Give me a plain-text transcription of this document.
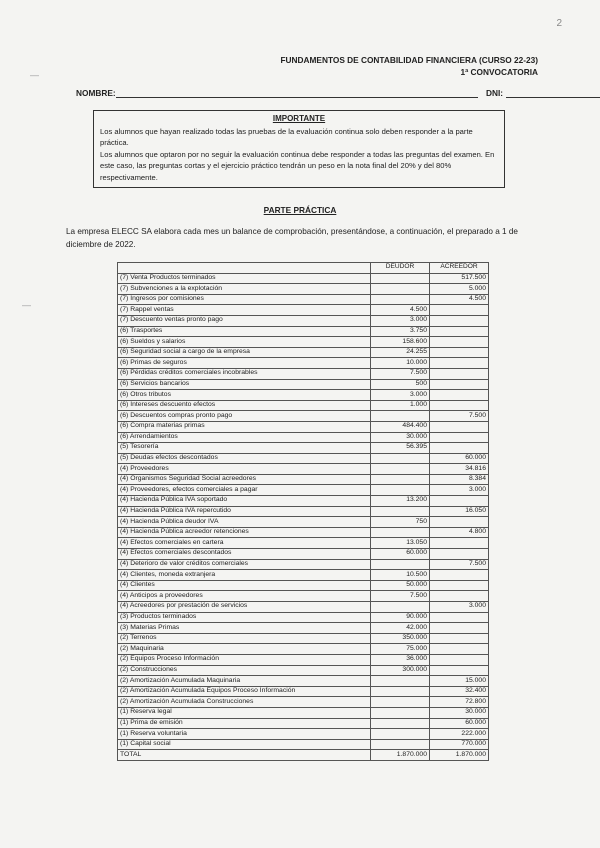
2
FUNDAMENTOS DE CONTABILIDAD FINANCIERA (CURSO 22-23)
1ª CONVOCATORIA
—
—
NOMBRE:	DNI:
IMPORTANTE

Los alumnos que hayan realizado todas las pruebas de la evaluación continua solo deben responder a la parte práctica.

Los alumnos que optaron por no seguir la evaluación continua debe responder a todas las preguntas del examen. En este caso, las preguntas cortas y el ejercicio práctico tendrán un peso en la nota final del 20% y del 80% respectivamente.

PARTE PRÁCTICA
La empresa ELECC SA elabora cada mes un balance de comprobación, presentándose, a continuación, el preparado a 1 de diciembre de 2022.
	DEUDOR	ACREEDOR
(7) Venta Productos terminados		517.500
(7) Subvenciones a la explotación		5.000
(7) Ingresos por comisiones		4.500
(7) Rappel ventas	4.500	
(7) Descuento ventas pronto pago	3.000	
(6) Trasportes	3.750	
(6) Sueldos y salarios	158.600	
(6) Seguridad social a cargo de la empresa	24.255	
(6) Primas de seguros	10.000	
(6) Pérdidas créditos comerciales incobrables	7.500	
(6) Servicios bancarios	500	
(6) Otros tributos	3.000	
(6) Intereses descuento efectos	1.000	
(6) Descuentos compras pronto pago		7.500
(6) Compra materias primas	484.400	
(6) Arrendamientos	30.000	
(5) Tesorería	56.395	
(5) Deudas efectos descontados		60.000
(4) Proveedores		34.816
(4) Organismos Seguridad Social acreedores		8.384
(4) Proveedores, efectos comerciales a pagar		3.000
(4) Hacienda Pública IVA soportado	13.200	
(4) Hacienda Pública IVA repercutido		16.050
(4) Hacienda Pública deudor IVA	750	
(4) Hacienda Pública acreedor retenciones		4.800
(4) Efectos comerciales en cartera	13.050	
(4) Efectos comerciales descontados	60.000	
(4) Deterioro de valor créditos comerciales		7.500
(4) Clientes, moneda extranjera	10.500	
(4) Clientes	50.000	
(4) Anticipos a proveedores	7.500	
(4) Acreedores por prestación de servicios		3.000
(3) Productos terminados	90.000	
(3) Materias Primas	42.000	
(2) Terrenos	350.000	
(2) Maquinaria	75.000	
(2) Equipos Proceso Información	36.000	
(2) Construcciones	300.000	
(2) Amortización Acumulada Maquinaria		15.000
(2) Amortización Acumulada Equipos Proceso Información		32.400
(2) Amortización Acumulada Construcciones		72.800
(1) Reserva legal		30.000
(1) Prima de emisión		60.000
(1) Reserva voluntaria		222.000
(1) Capital social		770.000
TOTAL	1.870.000	1.870.000
